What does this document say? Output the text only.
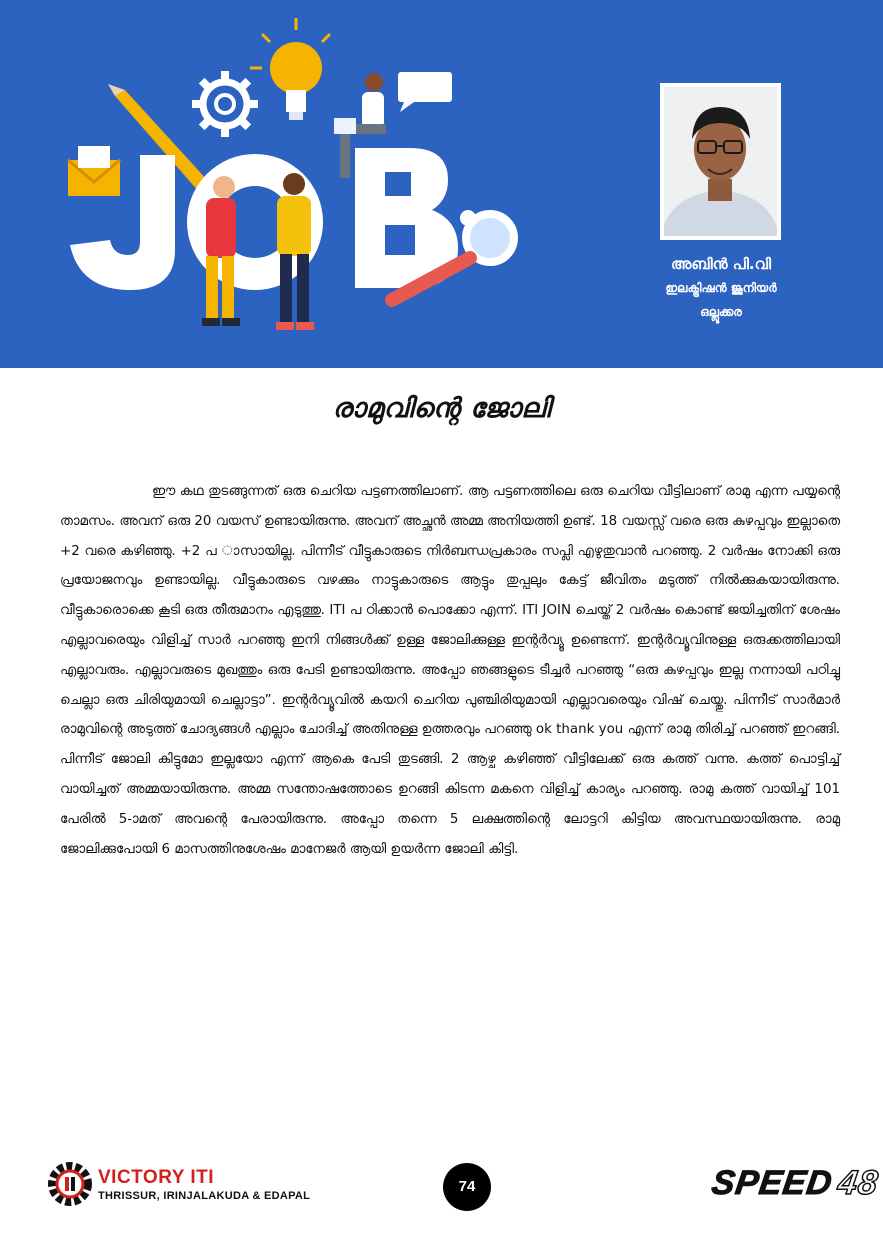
അബിൻ പി.വി
ഇലക്ട്രിഷൻ ജൂനിയർ
ഒല്ലൂക്കര
രാമുവിന്റെ ജോലി

ഈ കഥ തുടങ്ങുന്നത് ഒരു ചെറിയ പട്ടണത്തിലാണ്. ആ പട്ടണത്തിലെ ഒരു ചെറിയ വീട്ടിലാണ് രാമു എന്ന പയ്യന്റെ താമസം. അവന് ഒരു 20 വയസ് ഉണ്ടായിരുന്നു. അവന് അച്ഛൻ അമ്മ അനിയത്തി ഉണ്ട്. 18 വയസ്സ് വരെ ഒരു കുഴപ്പവും ഇല്ലാതെ +2 വരെ കഴിഞ്ഞു. +2 പ ാസായില്ല. പിന്നീട് വീട്ടുകാരുടെ നിർബന്ധപ്രകാരം സപ്ലി എഴുതുവാൻ പറഞ്ഞു. 2 വർഷം നോക്കി ഒരു പ്രയോജനവും ഉണ്ടായില്ല. വീട്ടുകാരുടെ വഴക്കും നാട്ടുകാരുടെ ആട്ടും തുപ്പലും കേട്ട് ജീവിതം മടുത്ത് നിൽക്കുകയായിരുന്നു. വീട്ടുകാരൊക്കെ കൂടി ഒരു തീരുമാനം എടുത്തു. ITI പ ഠിക്കാൻ പൊക്കോ എന്ന്. ITI JOIN ചെയ്ത് 2 വർഷം കൊണ്ട് ജയിച്ചതിന് ശേഷം എല്ലാവരെയും വിളിച്ച് സാർ പറഞ്ഞു ഇനി നിങ്ങൾക്ക് ഉള്ള ജോലിക്കുള്ള ഇന്റർവ്യൂ ഉണ്ടെന്ന്. ഇന്റർവ്യൂവിനുള്ള ഒരുക്കത്തിലായി എല്ലാവരും. എല്ലാവരുടെ മുഖത്തും ഒരു പേടി ഉണ്ടായിരുന്നു. അപ്പോ ഞങ്ങളുടെ ടീച്ചർ പറഞ്ഞു “ഒരു കുഴപ്പവും ഇല്ല നന്നായി പഠിച്ചു ചെല്ലാ ഒരു ചിരിയുമായി ചെല്ലാട്ടാ”. ഇന്റർവ്യൂവിൽ കയറി ചെറിയ പുഞ്ചിരിയുമായി എല്ലാവരെയും വിഷ് ചെയ്തു. പിന്നീട് സാർമാർ രാമുവിന്റെ അടുത്ത് ചോദ്യങ്ങൾ എല്ലാം ചോദിച്ച് അതിനുള്ള ഉത്തരവും പറഞ്ഞു ok thank you എന്ന് രാമു തിരിച്ച് പറഞ്ഞ് ഇറങ്ങി. പിന്നീട് ജോലി കിട്ടുമോ ഇല്ലയോ എന്ന് ആകെ പേടി തുടങ്ങി. 2 ആഴ്ച കഴിഞ്ഞ് വീട്ടിലേക്ക് ഒരു കത്ത് വന്നു. കത്ത് പൊട്ടിച്ച് വായിച്ചത് അമ്മയായിരുന്നു. അമ്മ സന്തോഷത്തോടെ ഉറങ്ങി കിടന്ന മകനെ വിളിച്ച് കാര്യം പറഞ്ഞു. രാമു കത്ത് വായിച്ച് 101 പേരിൽ 5-ാമത് അവന്റെ പേരായിരുന്നു. അപ്പോ തന്നെ 5 ലക്ഷത്തിന്റെ ലോട്ടറി കിട്ടിയ അവസ്ഥയായിരുന്നു. രാമു ജോലിക്കുപോയി 6 മാസത്തിനുശേഷം മാനേജർ ആയി ഉയർന്ന ജോലി കിട്ടി.

VICTORY ITI
THRISSUR, IRINJALAKUDA & EDAPAL
74	SPEED48
